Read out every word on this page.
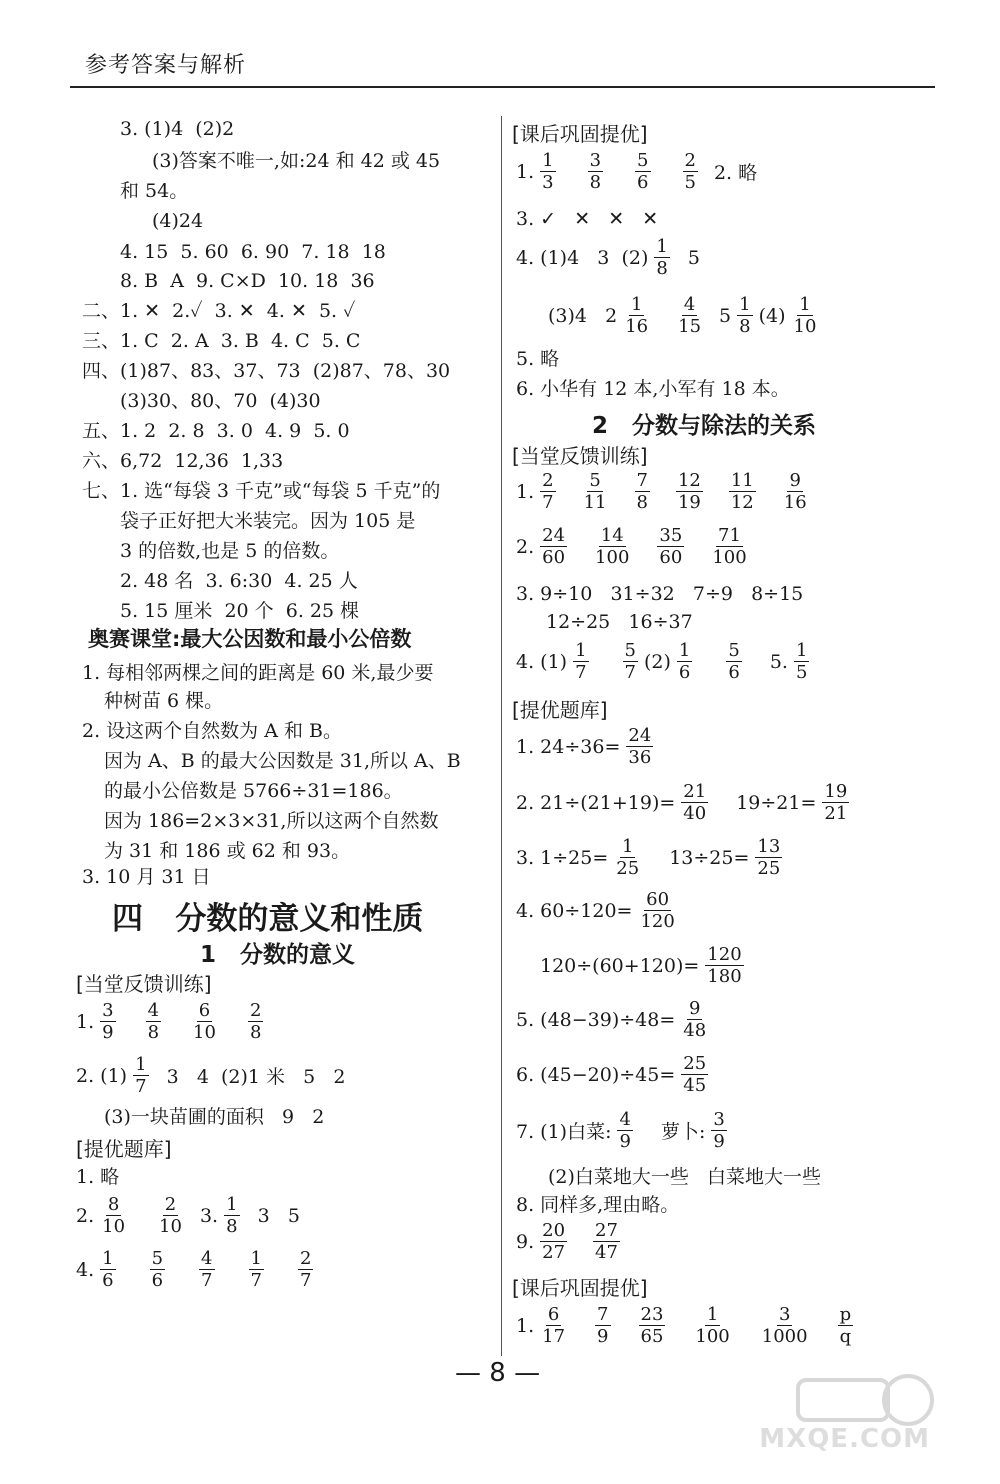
参考答案与解析
3. (1)4  (2)2
(3)答案不唯一,如:24 和 42 或 45
和 54。
(4)24
4. 15  5. 60  6. 90  7. 18  18
8. B  A  9. C×D  10. 18  36
二、1. ✕  2.✓  3. ✕  4. ✕  5. ✓
三、1. C  2. A  3. B  4. C  5. C
四、(1)87、83、37、73  (2)87、78、30
(3)30、80、70  (4)30
五、1. 2  2. 8  3. 0  4. 9  5. 0
六、6,72  12,36  1,33
七、1. 选“每袋 3 千克”或“每袋 5 千克”的
袋子正好把大米装完。因为 105 是
3 的倍数,也是 5 的倍数。
2. 48 名  3. 6:30  4. 25 人
5. 15 厘米  20 个  6. 25 棵
奥赛课堂:最大公因数和最小公倍数
1. 每相邻两棵之间的距离是 60 米,最少要
种树苗 6 棵。
2. 设这两个自然数为 A 和 B。
因为 A、B 的最大公因数是 31,所以 A、B
的最小公倍数是 5766÷31=186。
因为 186=2×3×31,所以这两个自然数
为 31 和 186 或 62 和 93。
3. 10 月 31 日
四   分数的意义和性质
1   分数的意义
[当堂反馈训练]
1. $\frac{3}{9} \frac{4}{8} \frac{6}{10} \frac{2}{8}$
2. $(1) \frac{1}{7} 3$   4  (2)1 米   5   2
(3)一块苗圃的面积   9   2
[提优题库]
1. 略
2. $\frac{8}{10} \frac{2}{10} 3$. $\frac{1}{8} 3$   5
4. $\frac{1}{6} \frac{5}{6} \frac{4}{7} \frac{1}{7} \frac{2}{7}$
[课后巩固提优]
1. $\frac{1}{3} \frac{3}{8} \frac{5}{6} \frac{2}{5} 2$. 略
3. ✓   ✕   ✕   ✕
4. (1)4   3  $(2) \frac{1}{8} 5$
(3)4   $2 \frac{1}{16} \frac{4}{15} 5 \frac{1}{8} (4) \frac{1}{10}$
5. 略
6. 小华有 12 本,小军有 18 本。
2   分数与除法的关系
[当堂反馈训练]
1. $\frac{2}{7} \frac{5}{11} \frac{7}{8} \frac{12}{19} \frac{11}{12} \frac{9}{16}$
2. $\frac{24}{60} \frac{14}{100} \frac{35}{60} \frac{71}{100}$
3. 9÷10   31÷32   7÷9   8÷15
12÷25   16÷37
4. $(1) \frac{1}{7} \frac{5}{7} (2) \frac{1}{6} \frac{5}{6} 5$. $\frac{1}{5}$
[提优题库]
1. $24\div 36= \frac{24}{36}$
2. $21\div(21+19)= \frac{21}{40} 19\div 21= \frac{19}{21}$
3. $1\div 25= \frac{1}{25} 13\div 25= \frac{13}{25}$
4. $60\div 120= \frac{60}{120}$
$120\div(60+120)= \frac{120}{180}$
5. $(48-39)\div 48= \frac{9}{48}$
6. $(45-20)\div 45= \frac{25}{45}$
7. (1)白菜: $\frac{4}{9}$ 萝卜: $\frac{3}{9}$
(2)白菜地大一些   白菜地大一些
8. 同样多,理由略。
9. $\frac{20}{27} \frac{27}{47}$
[课后巩固提优]
1. $\frac{6}{17} \frac{7}{9} \frac{23}{65} \frac{1}{100} \frac{3}{1000} \frac{p}{q}$
— 8 —
MXQE.COM
